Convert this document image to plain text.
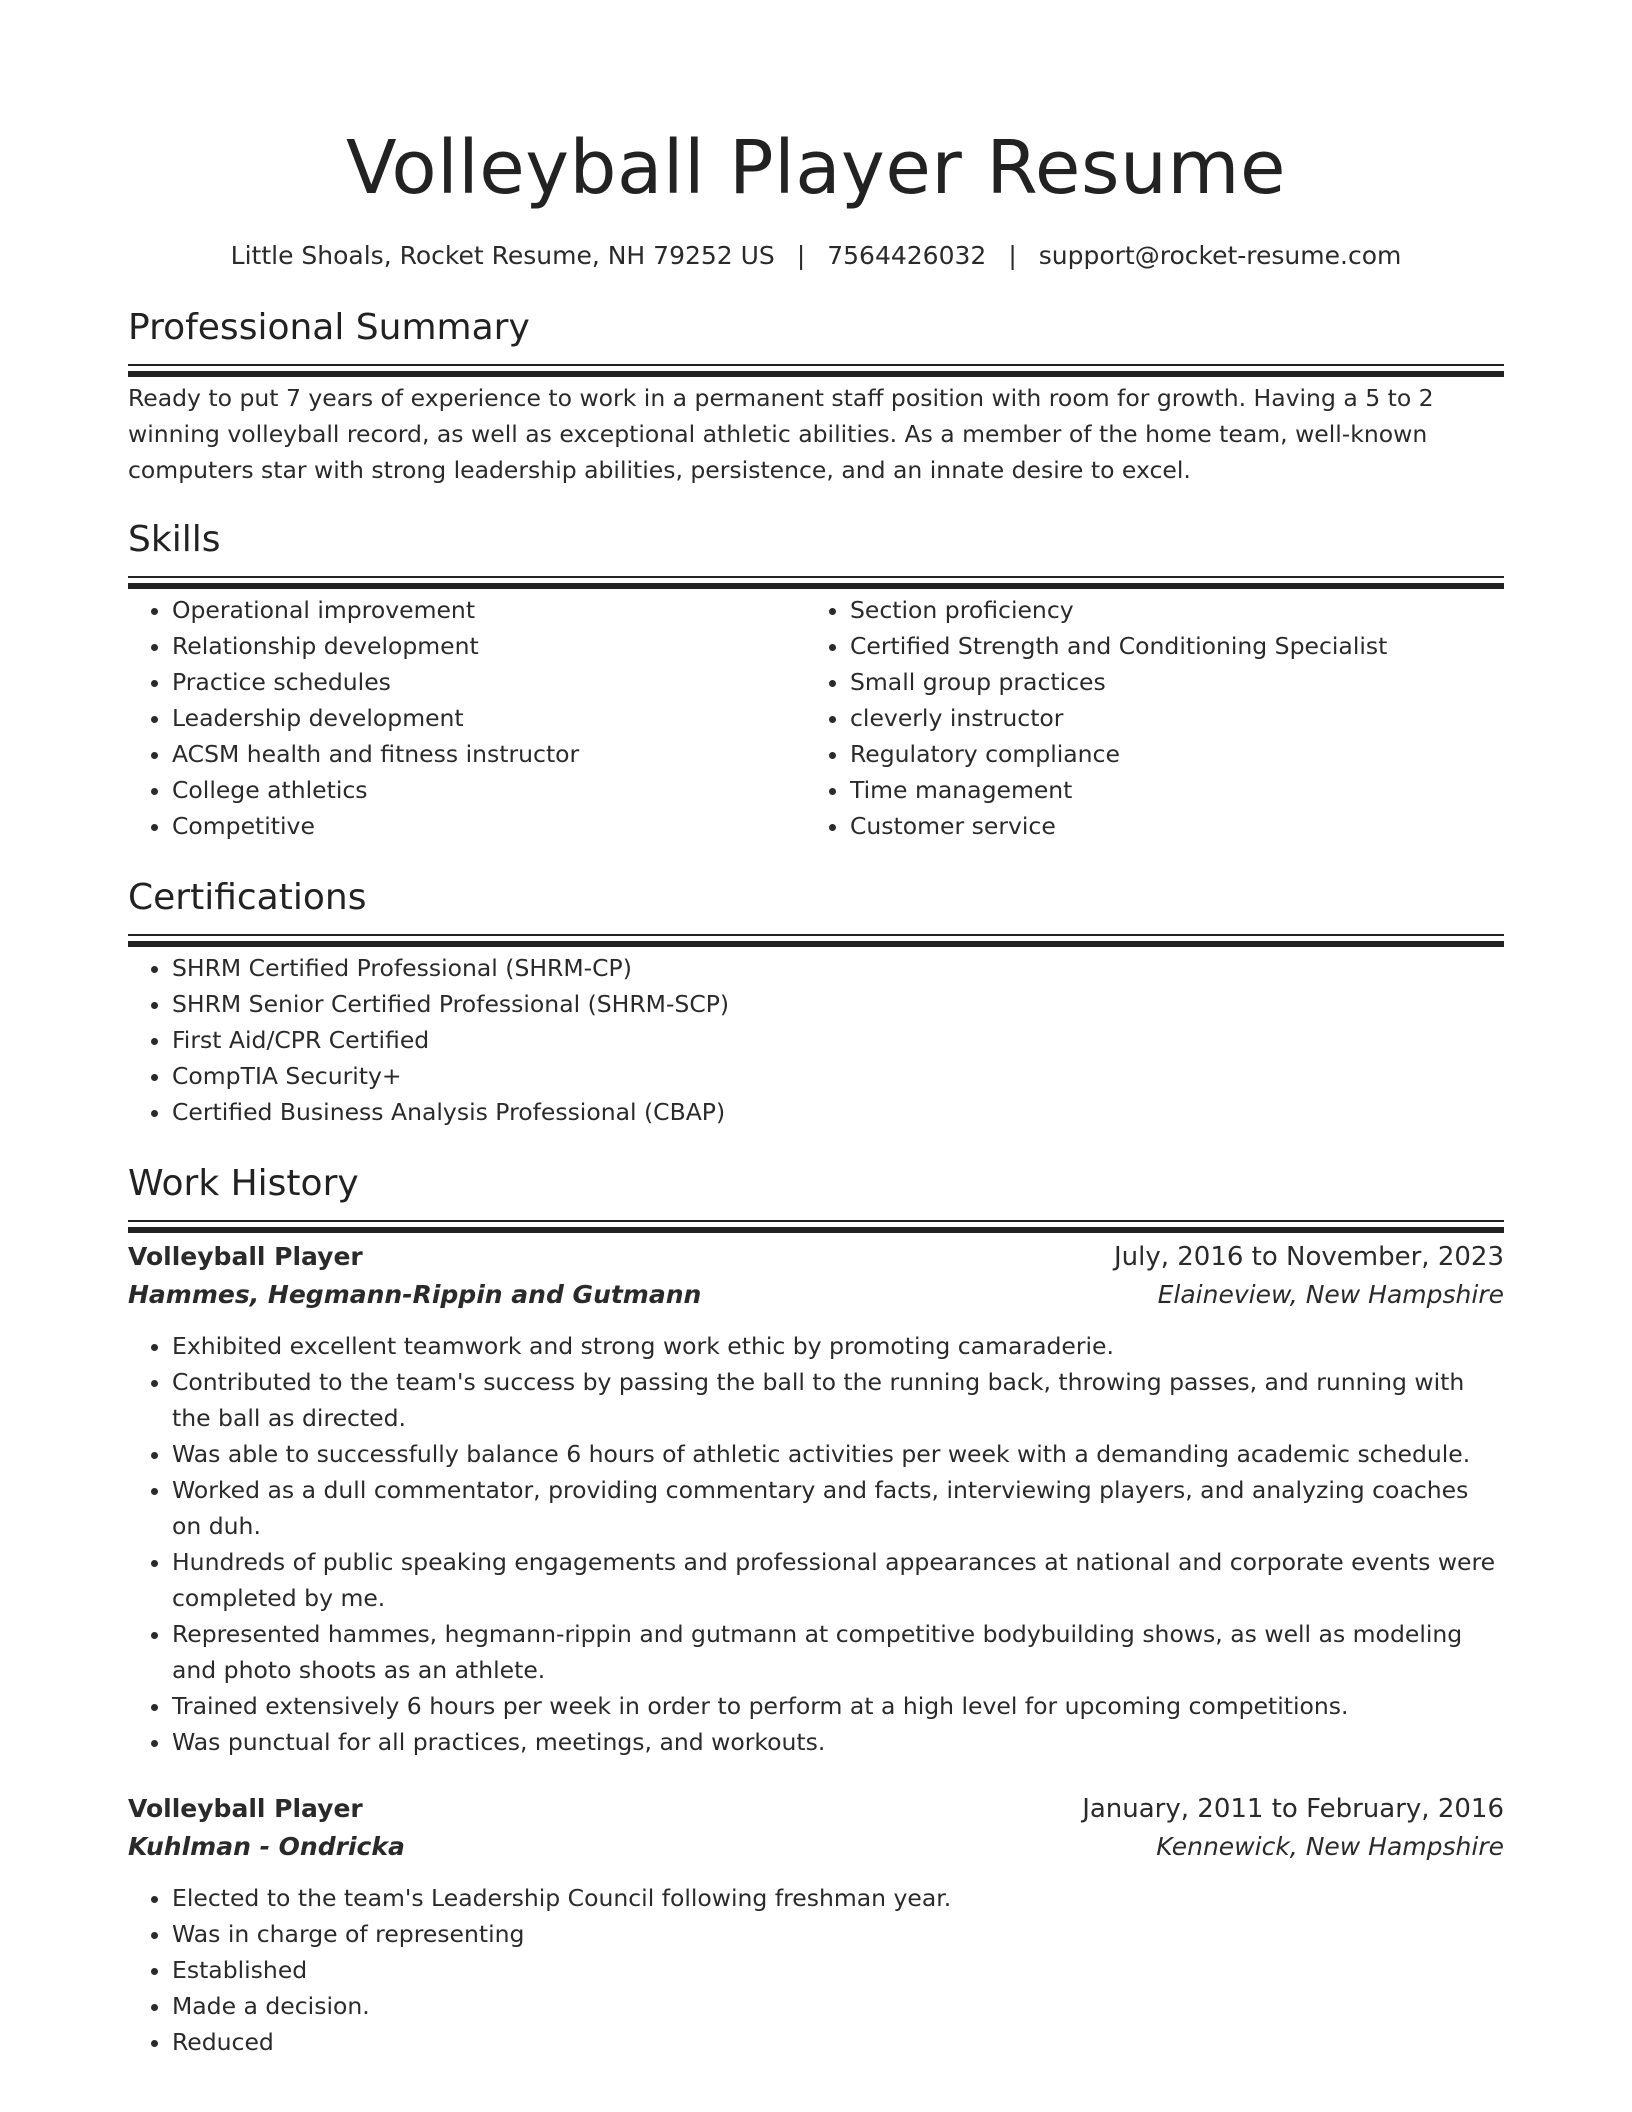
Volleyball Player Resume
Little Shoals, Rocket Resume, NH 79252 US | 7564426032 | support@rocket-resume.com
Professional Summary

Ready to put 7 years of experience to work in a permanent staff position with room for growth. Having a 5 to 2 winning volleyball record, as well as exceptional athletic abilities. As a member of the home team, well-known computers star with strong leadership abilities, persistence, and an innate desire to excel.

Skills
• Operational improvement
• Relationship development
• Practice schedules
• Leadership development
• ACSM health and fitness instructor
• College athletics
• Competitive
• Section proficiency
• Certified Strength and Conditioning Specialist
• Small group practices
• cleverly instructor
• Regulatory compliance
• Time management
• Customer service
Certifications
• SHRM Certified Professional (SHRM-CP)
• SHRM Senior Certified Professional (SHRM-SCP)
• First Aid/CPR Certified
• CompTIA Security+
• Certified Business Analysis Professional (CBAP)
Work History
Volleyball Player	July, 2016 to November, 2023
Hammes, Hegmann-Rippin and Gutmann	Elaineview, New Hampshire
• Exhibited excellent teamwork and strong work ethic by promoting camaraderie.
• Contributed to the team's success by passing the ball to the running back, throwing passes, and running with the ball as directed.
• Was able to successfully balance 6 hours of athletic activities per week with a demanding academic schedule.
• Worked as a dull commentator, providing commentary and facts, interviewing players, and analyzing coaches on duh.
• Hundreds of public speaking engagements and professional appearances at national and corporate events were completed by me.
• Represented hammes, hegmann-rippin and gutmann at competitive bodybuilding shows, as well as modeling and photo shoots as an athlete.
• Trained extensively 6 hours per week in order to perform at a high level for upcoming competitions.
• Was punctual for all practices, meetings, and workouts.
Volleyball Player	January, 2011 to February, 2016
Kuhlman - Ondricka	Kennewick, New Hampshire
• Elected to the team's Leadership Council following freshman year.
• Was in charge of representing
• Established
• Made a decision.
• Reduced
